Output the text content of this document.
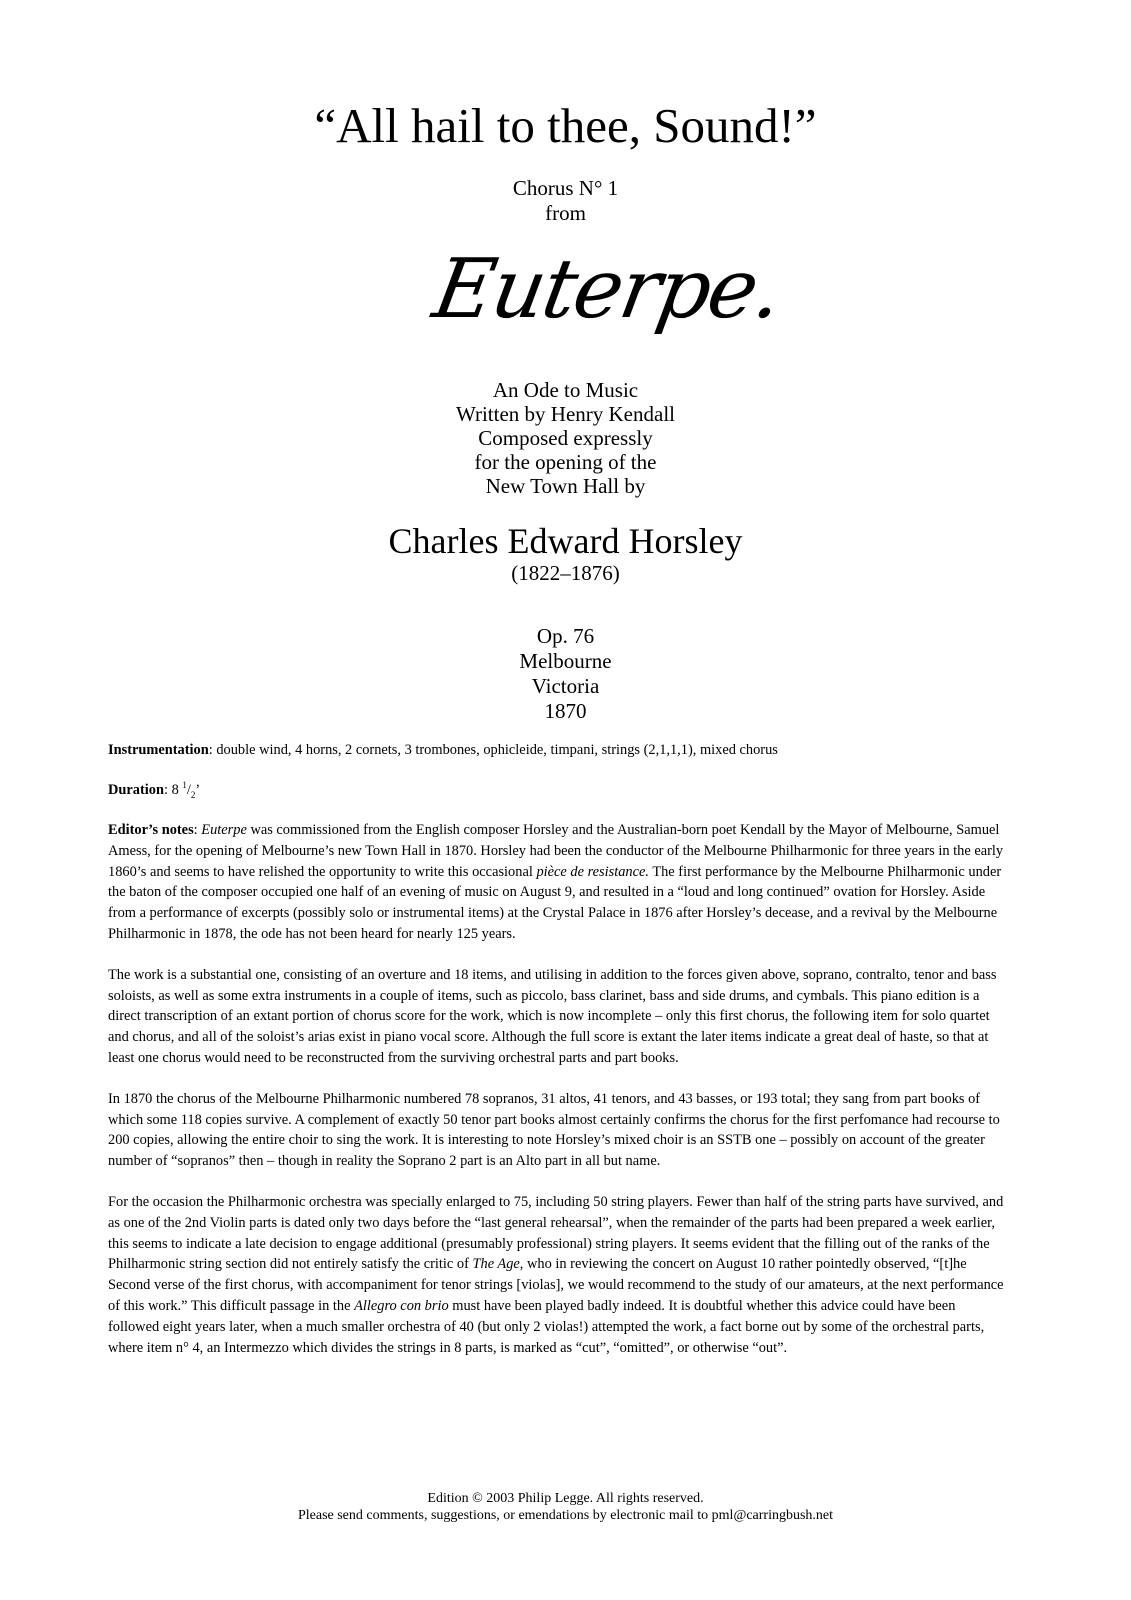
“All hail to thee, Sound!”
Chorus N° 1
from
Euterpe.
An Ode to Music
Written by Henry Kendall
Composed expressly
for the opening of the
New Town Hall by
Charles Edward Horsley
(1822–1876)
Op. 76
Melbourne
Victoria
1870
Instrumentation: double wind, 4 horns, 2 cornets, 3 trombones, ophicleide, timpani, strings (2,1,1,1), mixed chorus
Duration: 8 $^1/_2$’

Editor’s notes: Euterpe was commissioned from the English composer Horsley and the Australian-born poet Kendall by the Mayor of Melbourne, Samuel Amess, for the opening of Melbourne’s new Town Hall in 1870. Horsley had been the conductor of the Melbourne Philharmonic for three years in the early 1860’s and seems to have relished the opportunity to write this occasional pièce de resistance. The first performance by the Melbourne Philharmonic under the baton of the composer occupied one half of an evening of music on August 9, and resulted in a “loud and long continued” ovation for Horsley. Aside from a performance of excerpts (possibly solo or instrumental items) at the Crystal Palace in 1876 after Horsley’s decease, and a revival by the Melbourne Philharmonic in 1878, the ode has not been heard for nearly 125 years.

The work is a substantial one, consisting of an overture and 18 items, and utilising in addition to the forces given above, soprano, contralto, tenor and bass soloists, as well as some extra instruments in a couple of items, such as piccolo, bass clarinet, bass and side drums, and cymbals. This piano edition is a direct transcription of an extant portion of chorus score for the work, which is now incomplete – only this first chorus, the following item for solo quartet and chorus, and all of the soloist’s arias exist in piano vocal score. Although the full score is extant the later items indicate a great deal of haste, so that at least one chorus would need to be reconstructed from the surviving orchestral parts and part books.

In 1870 the chorus of the Melbourne Philharmonic numbered 78 sopranos, 31 altos, 41 tenors, and 43 basses, or 193 total; they sang from part books of which some 118 copies survive. A complement of exactly 50 tenor part books almost certainly confirms the chorus for the first perfomance had recourse to 200 copies, allowing the entire choir to sing the work. It is interesting to note Horsley’s mixed choir is an SSTB one – possibly on account of the greater number of “sopranos” then – though in reality the Soprano 2 part is an Alto part in all but name.

For the occasion the Philharmonic orchestra was specially enlarged to 75, including 50 string players. Fewer than half of the string parts have survived, and as one of the 2nd Violin parts is dated only two days before the “last general rehearsal”, when the remainder of the parts had been prepared a week earlier, this seems to indicate a late decision to engage additional (presumably professional) string players. It seems evident that the filling out of the ranks of the Philharmonic string section did not entirely satisfy the critic of The Age, who in reviewing the concert on August 10 rather pointedly observed, “[t]he Second verse of the first chorus, with accompaniment for tenor strings [violas], we would recommend to the study of our amateurs, at the next performance of this work.” This difficult passage in the Allegro con brio must have been played badly indeed. It is doubtful whether this advice could have been followed eight years later, when a much smaller orchestra of 40 (but only 2 violas!) attempted the work, a fact borne out by some of the orchestral parts, where item n° 4, an Intermezzo which divides the strings in 8 parts, is marked as “cut”, “omitted”, or otherwise “out”.

Edition © 2003 Philip Legge. All rights reserved.
Please send comments, suggestions, or emendations by electronic mail to pml@carringbush.net
